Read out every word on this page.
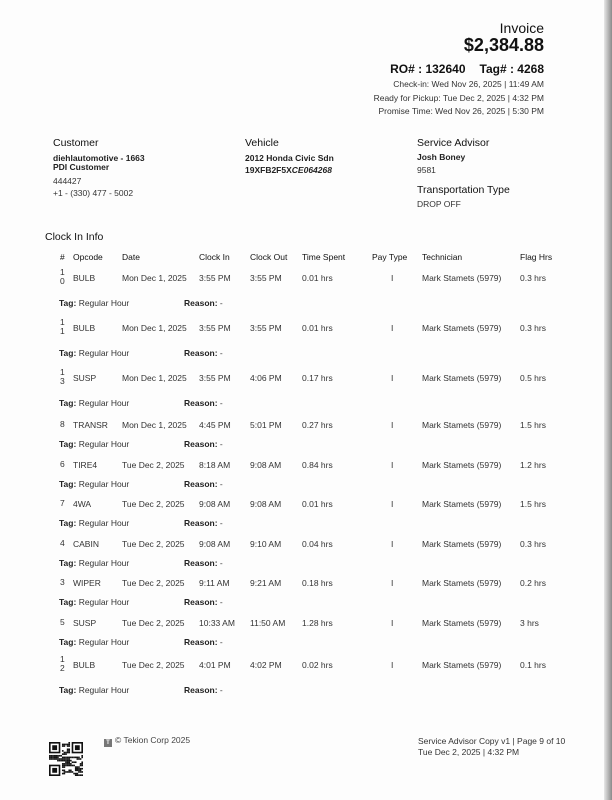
Invoice
$2,384.88
RO# : 132640 Tag# : 4268
Check-in: Wed Nov 26, 2025 | 11:49 AM
Ready for Pickup: Tue Dec 2, 2025 | 4:32 PM
Promise Time: Wed Nov 26, 2025 | 5:30 PM
Customer
diehlautomotive - 1663
PDI Customer
444427
+1 - (330) 477 - 5002
Vehicle
2012 Honda Civic Sdn
19XFB2F5XCE064268
Service Advisor
Josh Boney
9581
Transportation Type
DROP OFF
Clock In Info
# Opcode Date	Clock In Clock Out Time Spent	Pay Type Technician	Flag Hrs
1
0 BULB	Mon Dec 1, 2025 3:55 PM 3:55 PM 0.01 hrs	I	Mark Stamets (5979) 0.3 hrs
Tag: Regular Hour	Reason: -
1
1 BULB	Mon Dec 1, 2025 3:55 PM 3:55 PM 0.01 hrs	I	Mark Stamets (5979) 0.3 hrs
Tag: Regular Hour	Reason: -
1
3 SUSP	Mon Dec 1, 2025 3:55 PM 4:06 PM 0.17 hrs	I	Mark Stamets (5979) 0.5 hrs
Tag: Regular Hour	Reason: -
8 TRANSR Mon Dec 1, 2025 4:45 PM 5:01 PM 0.27 hrs	I	Mark Stamets (5979) 1.5 hrs
Tag: Regular Hour	Reason: -
6 TIRE4	Tue Dec 2, 2025 8:18 AM 9:08 AM 0.84 hrs	I	Mark Stamets (5979) 1.2 hrs
Tag: Regular Hour	Reason: -
7 4WA	Tue Dec 2, 2025 9:08 AM 9:08 AM 0.01 hrs	I	Mark Stamets (5979) 1.5 hrs
Tag: Regular Hour	Reason: -
4 CABIN	Tue Dec 2, 2025 9:08 AM 9:10 AM 0.04 hrs	I	Mark Stamets (5979) 0.3 hrs
Tag: Regular Hour	Reason: -
3 WIPER Tue Dec 2, 2025 9:11 AM 9:21 AM 0.18 hrs	I	Mark Stamets (5979) 0.2 hrs
Tag: Regular Hour	Reason: -
5 SUSP	Tue Dec 2, 2025 10:33 AM 11:50 AM 1.28 hrs	I	Mark Stamets (5979) 3 hrs
Tag: Regular Hour	Reason: -
1
2 BULB	Tue Dec 2, 2025 4:01 PM 4:02 PM 0.02 hrs	I	Mark Stamets (5979) 0.1 hrs
Tag: Regular Hour	Reason: -
T © Tekion Corp 2025	Service Advisor Copy v1 | Page 9 of 10
Tue Dec 2, 2025 | 4:32 PM
